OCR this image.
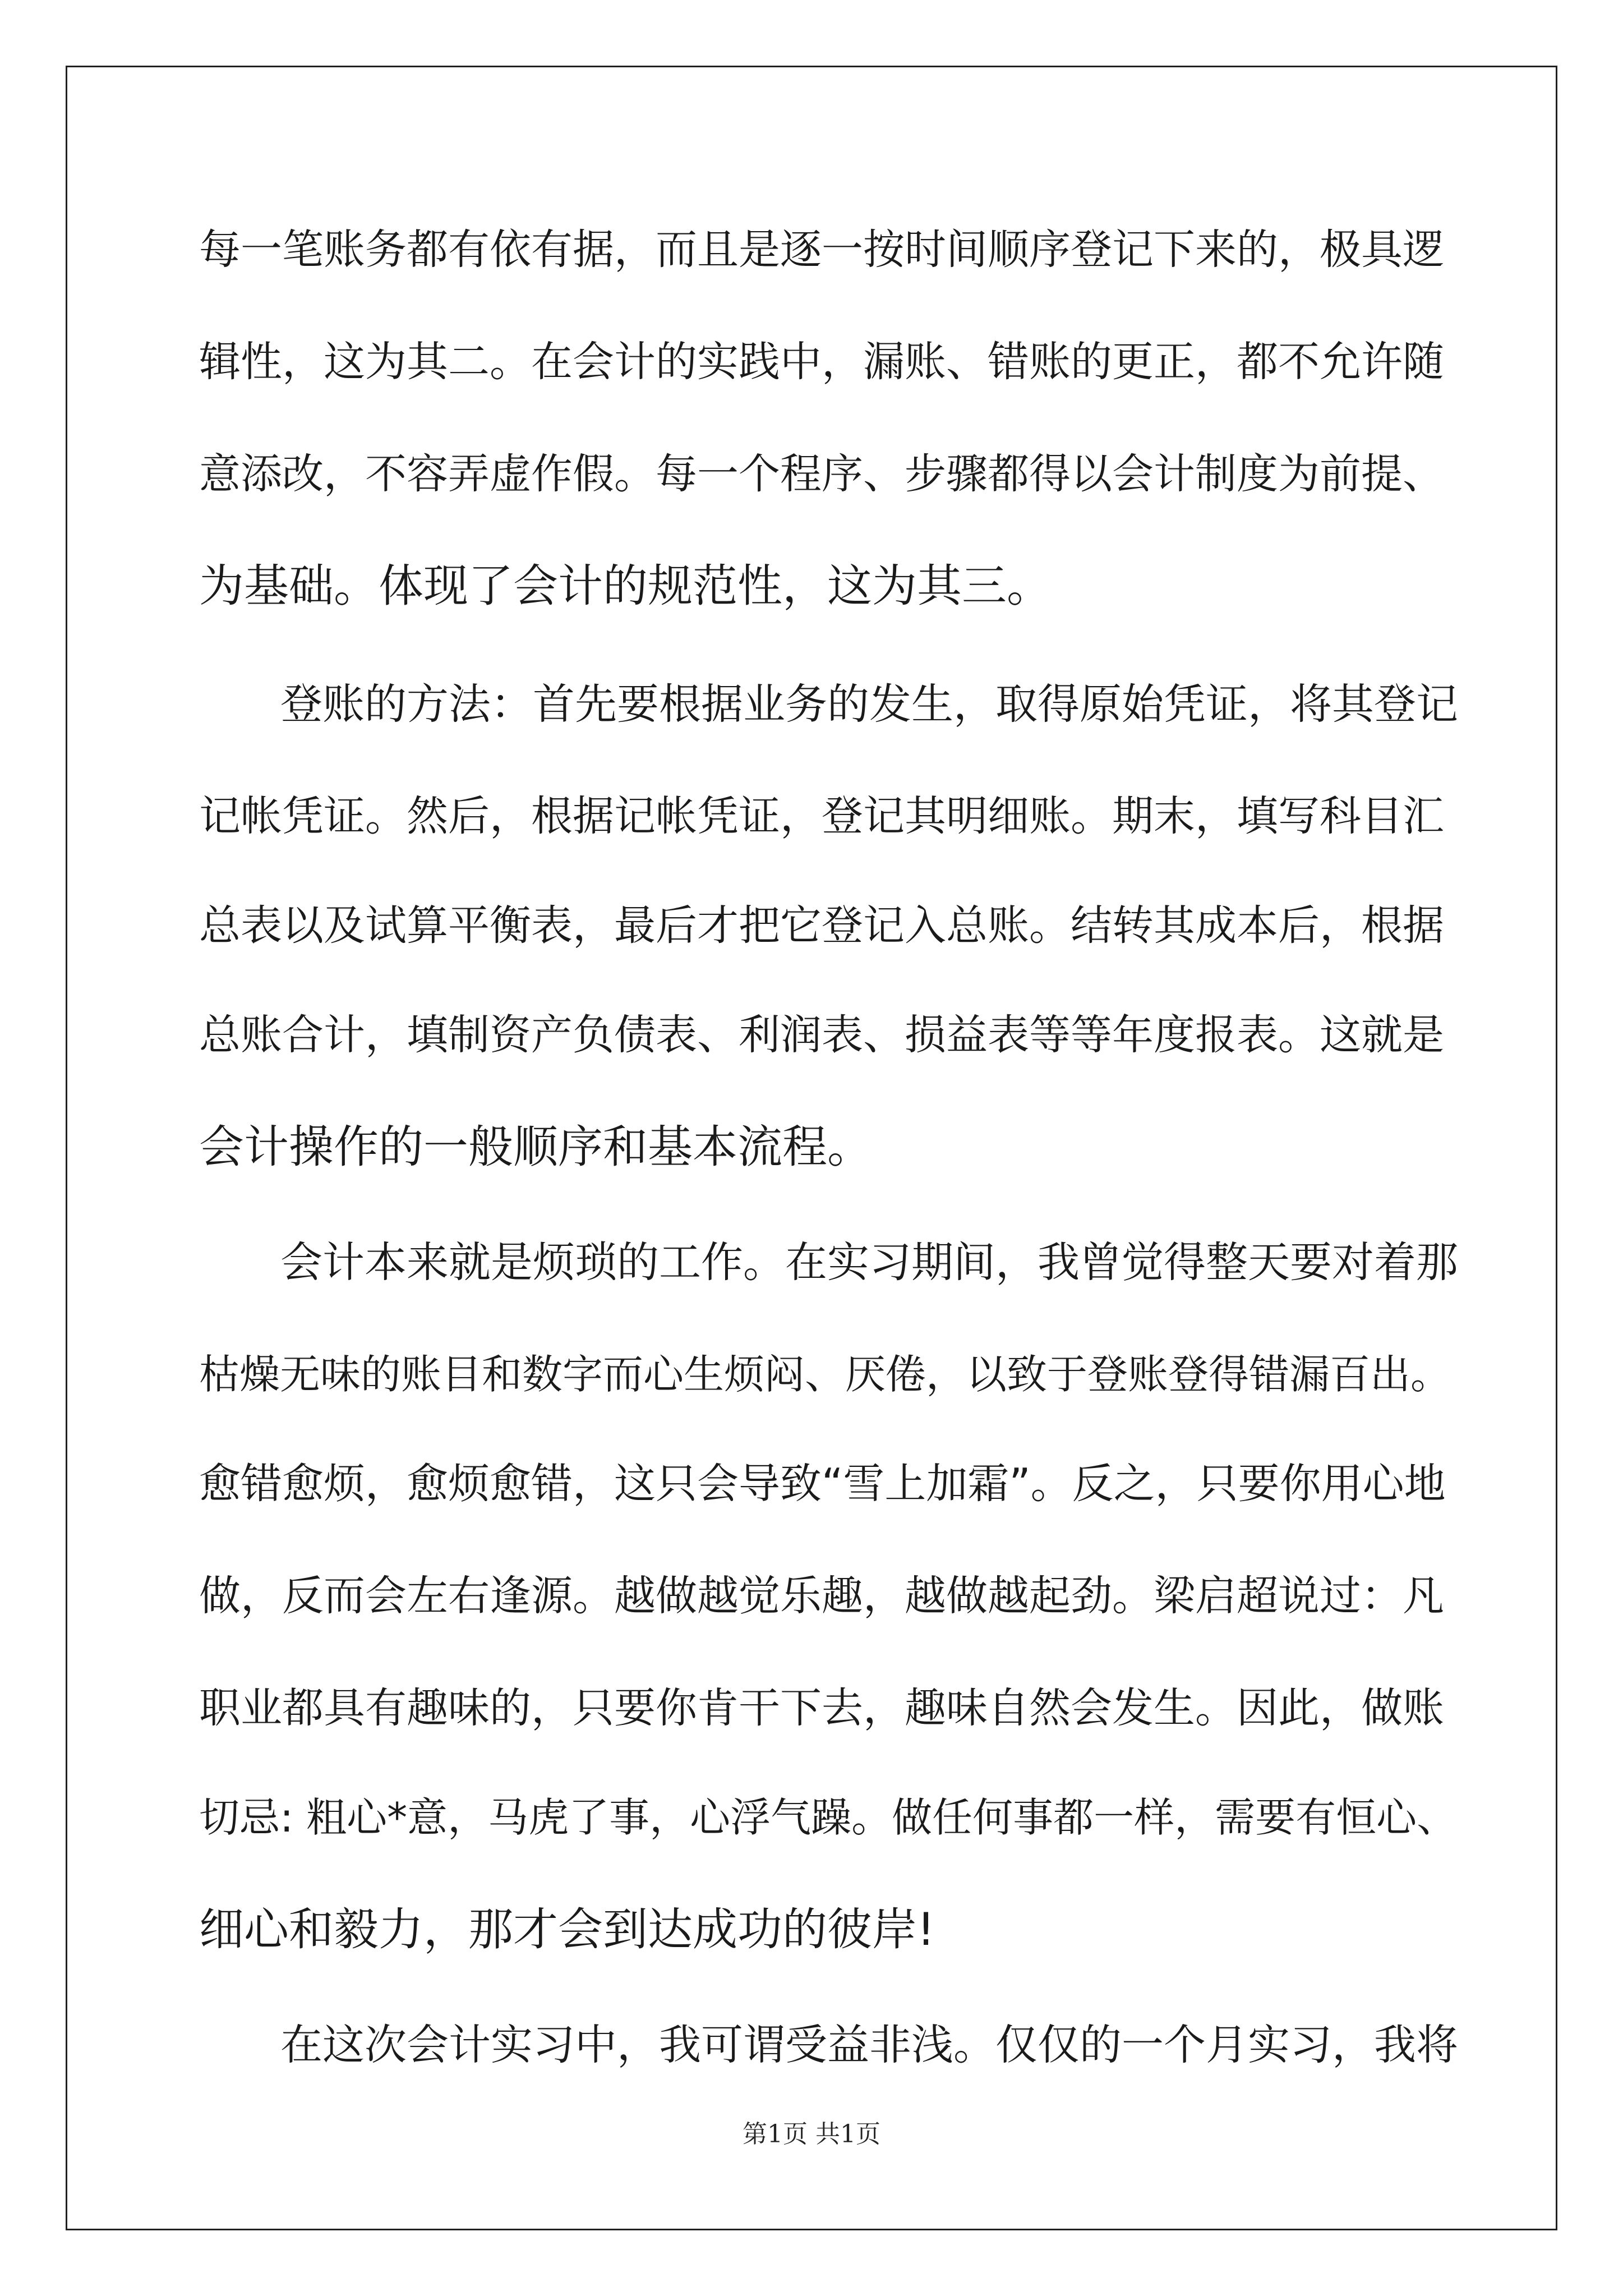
每一笔账务都有依有据，而且是逐一按时间顺序登记下来的，极具逻
辑性，这为其二。在会计的实践中，漏账、错账的更正，都不允许随
意添改，不容弄虚作假。每一个程序、步骤都得以会计制度为前提、
为基础。体现了会计的规范性，这为其三。
登账的方法：首先要根据业务的发生，取得原始凭证，将其登记
记帐凭证。然后，根据记帐凭证，登记其明细账。期末，填写科目汇
总表以及试算平衡表，最后才把它登记入总账。结转其成本后，根据
总账合计，填制资产负债表、利润表、损益表等等年度报表。这就是
会计操作的一般顺序和基本流程。
会计本来就是烦琐的工作。在实习期间，我曾觉得整天要对着那
枯燥无味的账目和数字而心生烦闷、厌倦，以致于登账登得错漏百出。
愈错愈烦，愈烦愈错，这只会导致“雪上加霜”。反之，只要你用心地
做，反而会左右逢源。越做越觉乐趣，越做越起劲。梁启超说过：凡
职业都具有趣味的，只要你肯干下去，趣味自然会发生。因此，做账
切忌: 粗心*意，马虎了事，心浮气躁。做任何事都一样，需要有恒心、
细心和毅力，那才会到达成功的彼岸!
在这次会计实习中，我可谓受益非浅。仅仅的一个月实习，我将
第1页 共1页
